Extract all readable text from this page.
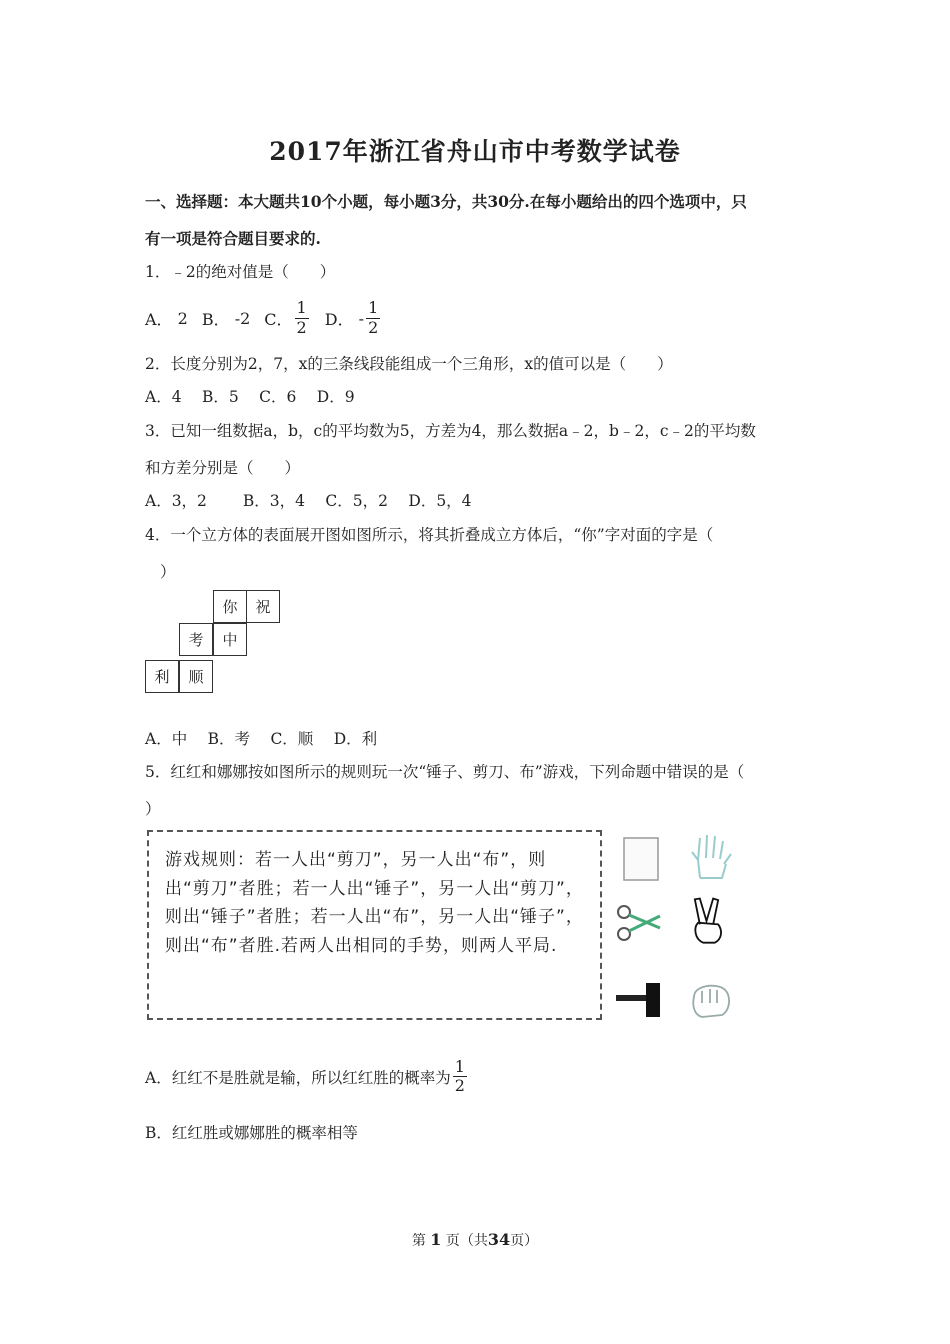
2017年浙江省舟山市中考数学试卷
一、选择题：本大题共10个小题，每小题3分，共30分.在每小题给出的四个选项中，只
有一项是符合题目要求的.
1．﹣2的绝对值是（　　）
A．
2 B．
-2 C． $\frac{1}{2}$ D．
- $\frac{1}{2}$
2．长度分别为2，7，x的三条线段能组成一个三角形，x的值可以是（　　）
A．4　 B．5　 C．6　 D．9
3．已知一组数据a，b，c的平均数为5，方差为4，那么数据a﹣2，b﹣2，c﹣2的平均数
和方差分别是（　　）
A．3，2　　 B．3，4　 C．5，2　 D．5，4
4．一个立方体的表面展开图如图所示，将其折叠成立方体后，“你”字对面的字是（
）
你	祝
考	中
利	顺
A．中　 B．考　 C．顺　 D．利
5．红红和娜娜按如图所示的规则玩一次“锤子、剪刀、布”游戏，下列命题中错误的是（
）
游戏规则：若一人出“剪刀”，另一人出“布”，则出“剪刀”者胜；若一人出“锤子”，另一人出“剪刀”，则出“锤子”者胜；若一人出“布”，另一人出“锤子”，则出“布”者胜.若两人出相同的手势，则两人平局.
A．红红不是胜就是输，所以红红胜的概率为 $\frac{1}{2}$
B．红红胜或娜娜胜的概率相等
第 1 页（共34页）
